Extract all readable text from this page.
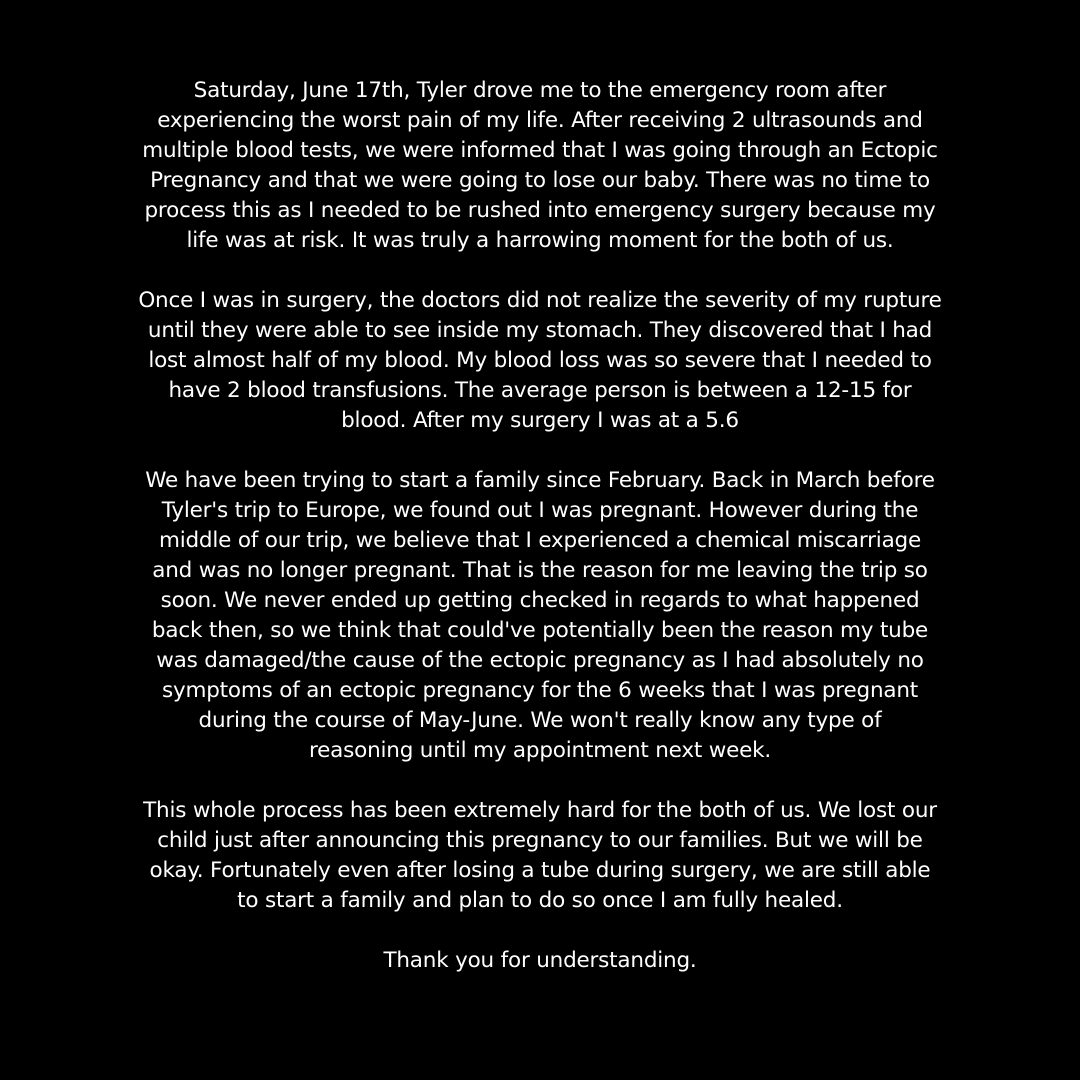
Saturday, June 17th, Tyler drove me to the emergency room after
experiencing the worst pain of my life. After receiving 2 ultrasounds and
multiple blood tests, we were informed that I was going through an Ectopic
Pregnancy and that we were going to lose our baby. There was no time to
process this as I needed to be rushed into emergency surgery because my
life was at risk. It was truly a harrowing moment for the both of us.

Once I was in surgery, the doctors did not realize the severity of my rupture
until they were able to see inside my stomach. They discovered that I had
lost almost half of my blood. My blood loss was so severe that I needed to
have 2 blood transfusions. The average person is between a 12-15 for
blood. After my surgery I was at a 5.6

We have been trying to start a family since February. Back in March before
Tyler's trip to Europe, we found out I was pregnant. However during the
middle of our trip, we believe that I experienced a chemical miscarriage
and was no longer pregnant. That is the reason for me leaving the trip so
soon. We never ended up getting checked in regards to what happened
back then, so we think that could've potentially been the reason my tube
was damaged/the cause of the ectopic pregnancy as I had absolutely no
symptoms of an ectopic pregnancy for the 6 weeks that I was pregnant
during the course of May-June. We won't really know any type of
reasoning until my appointment next week.

This whole process has been extremely hard for the both of us. We lost our
child just after announcing this pregnancy to our families. But we will be
okay. Fortunately even after losing a tube during surgery, we are still able
to start a family and plan to do so once I am fully healed.

Thank you for understanding.
